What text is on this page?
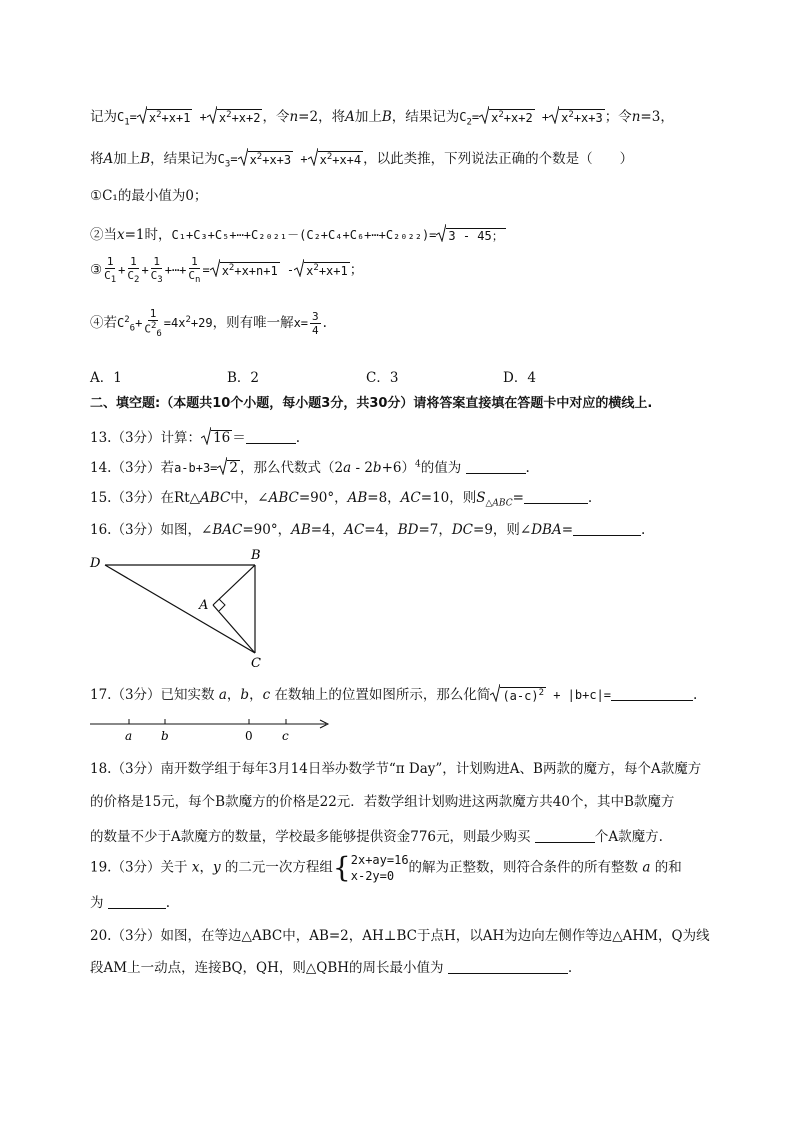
记为$C_1= x^2+x+1 + x^2+x+2$ ，令n=2，将A加上B，结果记为$C_2= x^2+x+2 + x^2+x+3$ ；令n=3，
将A加上B，结果记为$C_3= x^2+x+3 + x^2+x+4$ ，以此类推，下列说法正确的个数是（　　）
①C₁的最小值为0；
②当x=1时，C₁+C₃+C₅+⋯+C₂₀₂₁－(C₂+C₄+C₆+⋯+C₂₀₂₂)= 3 - 45；
③ $\frac{1}{C_1} + \frac{1}{C_2} + \frac{1}{C_3}$ +⋯+ $\frac{1}{C_n} = x^2+x+n+1 - x^2+x+1$ ；
④若$C^2_6+ \frac{1}{C^2_6} =4x^2+29$，则有唯一解$x= \frac{3}{4}$ .
A．1	B．2	C．3	D．4
二、填空题:（本题共10个小题，每小题3分，共30分）请将答案直接填在答题卡中对应的横线上.
13.（3分）计算： 16 ＝	.
14.（3分）若a-b+3= 2 ，那么代数式$(2a - 2b+6)^4$的值为	.
15.（3分）在Rt△ABC中，∠ABC=90°，AB=8，AC=10，则$S_{\triangle ABC}=$	.
16.（3分）如图，∠BAC=90°，AB=4，AC=4，BD=7，DC=9，则∠DBA=	.
D
B
A
C
17.（3分）已知实数 a，b，c 在数轴上的位置如图所示，那么化简 $(a-c)^2 + |b+c|=$	.
a b	0 c
18.（3分）南开数学组于每年3月14日举办数学节“π Day”，计划购进A、B两款的魔方，每个A款魔方
的价格是15元，每个B款魔方的价格是22元．若数学组计划购进这两款魔方共40个，其中B款魔方
的数量不少于A款魔方的数量，学校最多能够提供资金776元，则最少购买	个A款魔方.
19.（3分）关于 x，y 的二元一次方程组{ 2x+ay=16
x-2y=0
的解为正整数，则符合条件的所有整数 a 的和
为	.
20.（3分）如图，在等边△ABC中，AB=2，AH⊥BC于点H，以AH为边向左侧作等边△AHM，Q为线
段AM上一动点，连接BQ，QH，则△QBH的周长最小值为	.
